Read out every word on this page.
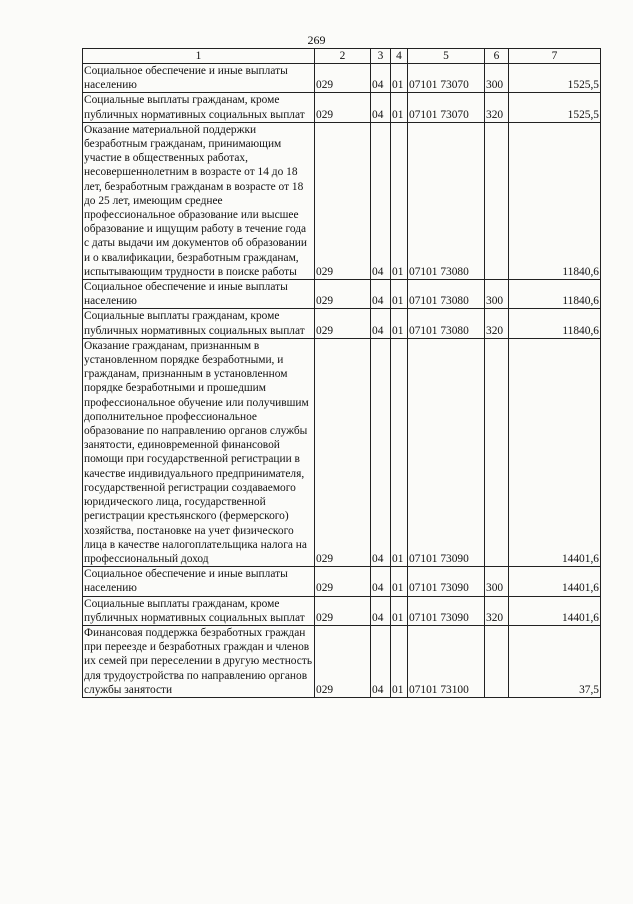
269
1	2	3	4	5	6	7
Социальное обеспечение и иные выплаты населению	029	04	01	07101 73070	300	1525,5
Социальные выплаты гражданам, кроме публичных нормативных социальных выплат	029	04	01	07101 73070	320	1525,5
Оказание материальной поддержки безработным гражданам, принимающим участие в общественных работах, несовершеннолетним в возрасте от 14 до 18 лет, безработным гражданам в возрасте от 18 до 25 лет, имеющим среднее профессиональное образование или высшее образование и ищущим работу в течение года с даты выдачи им документов об образовании и о квалификации, безработным гражданам, испытывающим трудности в поиске работы	029	04	01	07101 73080		11840,6
Социальное обеспечение и иные выплаты населению	029	04	01	07101 73080	300	11840,6
Социальные выплаты гражданам, кроме публичных нормативных социальных выплат	029	04	01	07101 73080	320	11840,6
Оказание гражданам, признанным в установленном порядке безработными, и гражданам, признанным в установленном порядке безработными и прошедшим профессиональное обучение или получившим дополнительное профессиональное образование по направлению органов службы занятости, единовременной финансовой помощи при государственной регистрации в качестве индивидуального предпринимателя, государственной регистрации создаваемого юридического лица, государственной регистрации крестьянского (фермерского) хозяйства, постановке на учет физического лица в качестве налогоплательщика налога на профессиональный доход	029	04	01	07101 73090		14401,6
Социальное обеспечение и иные выплаты населению	029	04	01	07101 73090	300	14401,6
Социальные выплаты гражданам, кроме публичных нормативных социальных выплат	029	04	01	07101 73090	320	14401,6
Финансовая поддержка безработных граждан при переезде и безработных граждан и членов их семей при переселении в другую местность для трудоустройства по направлению органов службы занятости	029	04	01	07101 73100		37,5
